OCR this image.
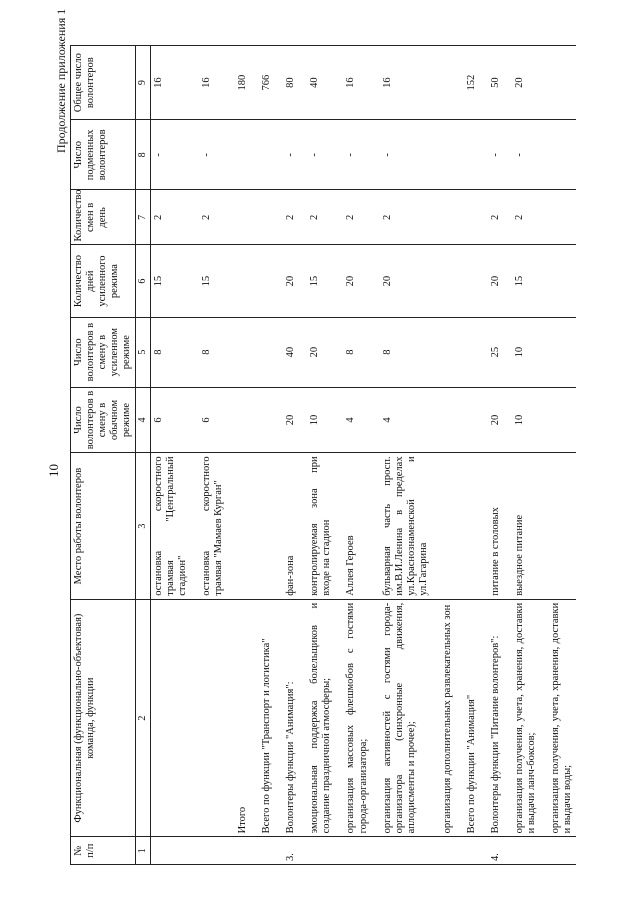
10
Продолжение приложения 1
№ п/п	Функциональная (функционально-объектовая) команда, функции	Место работы волонтеров	Число волонтеров в смену в обычном режиме	Число волонтеров в смену в усиленном режиме	Количество дней усиленного режима	Количество смен в день	Число подменных волонтеров	Общее число волонтеров
1	2	3	4	5	6	7	8	9
		остановка скоростного трамвая "Центральный стадион"	6	8	15	2	-	16
		остановка скоростного трамвая "Мамаев Курган"	6	8	15	2	-	16
	Итого							180
	Всего по функции "Транспорт и логистика"							766
3.	Волонтеры функции "Анимация":	фан-зона	20	40	20	2	-	80
	эмоциональная поддержка болельщиков и создание праздничной атмосферы;	контролируемая зона при входе на стадион	10	20	15	2	-	40
	организация массовых флешмобов с гостями города-организатора;	Аллея Героев	4	8	20	2	-	16
	организация активностей с гостями города-организатора (синхронные движения, аплодисменты и прочее);	бульварная часть просп. им.В.И.Ленина в пределах ул.Краснознаменской и ул.Гагарина	4	8	20	2	-	16
	организация дополнительных развлекательных зон							
	Всего по функции "Анимация"							152
4.	Волонтеры функции "Питание волонтеров":	питание в столовых	20	25	20	2	-	50
	организация получения, учета, хранения, доставки и выдачи ланч-боксов;	выездное питание	10	10	15	2	-	20
	организация получения, учета, хранения, доставки и выдачи воды;							
